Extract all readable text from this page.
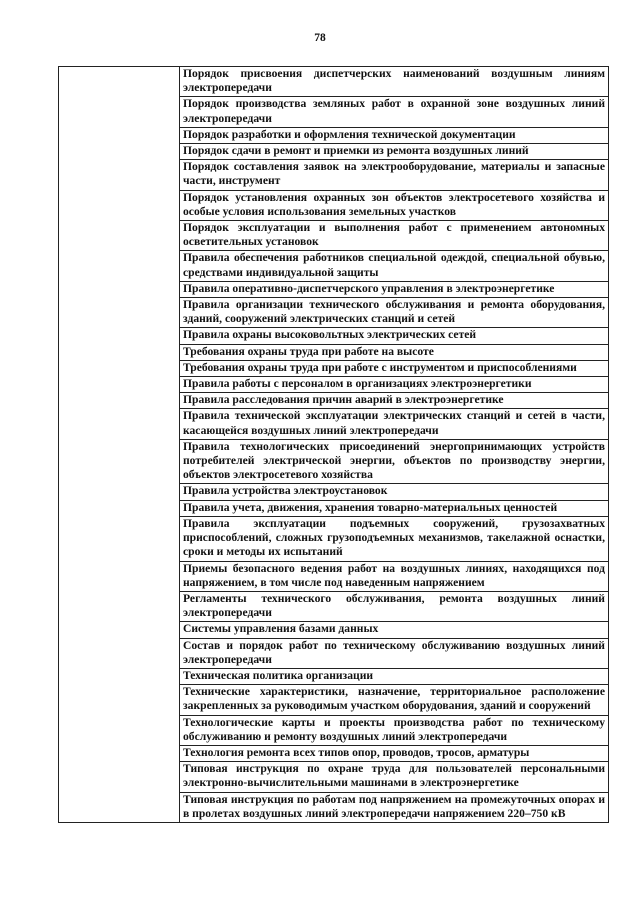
78

Порядок присвоения диспетчерских наименований воздушным линиям электропередачи

Порядок производства земляных работ в охранной зоне воздушных линий электропередачи

Порядок разработки и оформления технической документации

Порядок сдачи в ремонт и приемки из ремонта воздушных линий

Порядок составления заявок на электрооборудование, материалы и запасные части, инструмент

Порядок установления охранных зон объектов электросетевого хозяйства и особые условия использования земельных участков

Порядок эксплуатации и выполнения работ с применением автономных осветительных установок

Правила обеспечения работников специальной одеждой, специальной обувью, средствами индивидуальной защиты

Правила оперативно-диспетчерского управления в электроэнергетике

Правила организации технического обслуживания и ремонта оборудования, зданий, сооружений электрических станций и сетей

Правила охраны высоковольтных электрических сетей

Требования охраны труда при работе на высоте

Требования охраны труда при работе с инструментом и приспособлениями

Правила работы с персоналом в организациях электроэнергетики

Правила расследования причин аварий в электроэнергетике

Правила технической эксплуатации электрических станций и сетей в части, касающейся воздушных линий электропередачи

Правила технологических присоединений энергопринимающих устройств потребителей электрической энергии, объектов по производству энергии, объектов электросетевого хозяйства

Правила устройства электроустановок

Правила учета, движения, хранения товарно-материальных ценностей

Правила эксплуатации подъемных сооружений, грузозахватных приспособлений, сложных грузоподъемных механизмов, такелажной оснастки, сроки и методы их испытаний

Приемы безопасного ведения работ на воздушных линиях, находящихся под напряжением, в том числе под наведенным напряжением

Регламенты технического обслуживания, ремонта воздушных линий электропередачи

Системы управления базами данных

Состав и порядок работ по техническому обслуживанию воздушных линий электропередачи

Техническая политика организации

Технические характеристики, назначение, территориальное расположение закрепленных за руководимым участком оборудования, зданий и сооружений

Технологические карты и проекты производства работ по техническому обслуживанию и ремонту воздушных линий электропередачи

Технология ремонта всех типов опор, проводов, тросов, арматуры

Типовая инструкция по охране труда для пользователей персональными электронно-вычислительными машинами в электроэнергетике

Типовая инструкция по работам под напряжением на промежуточных опорах и в пролетах воздушных линий электропередачи напряжением 220–750 кВ
